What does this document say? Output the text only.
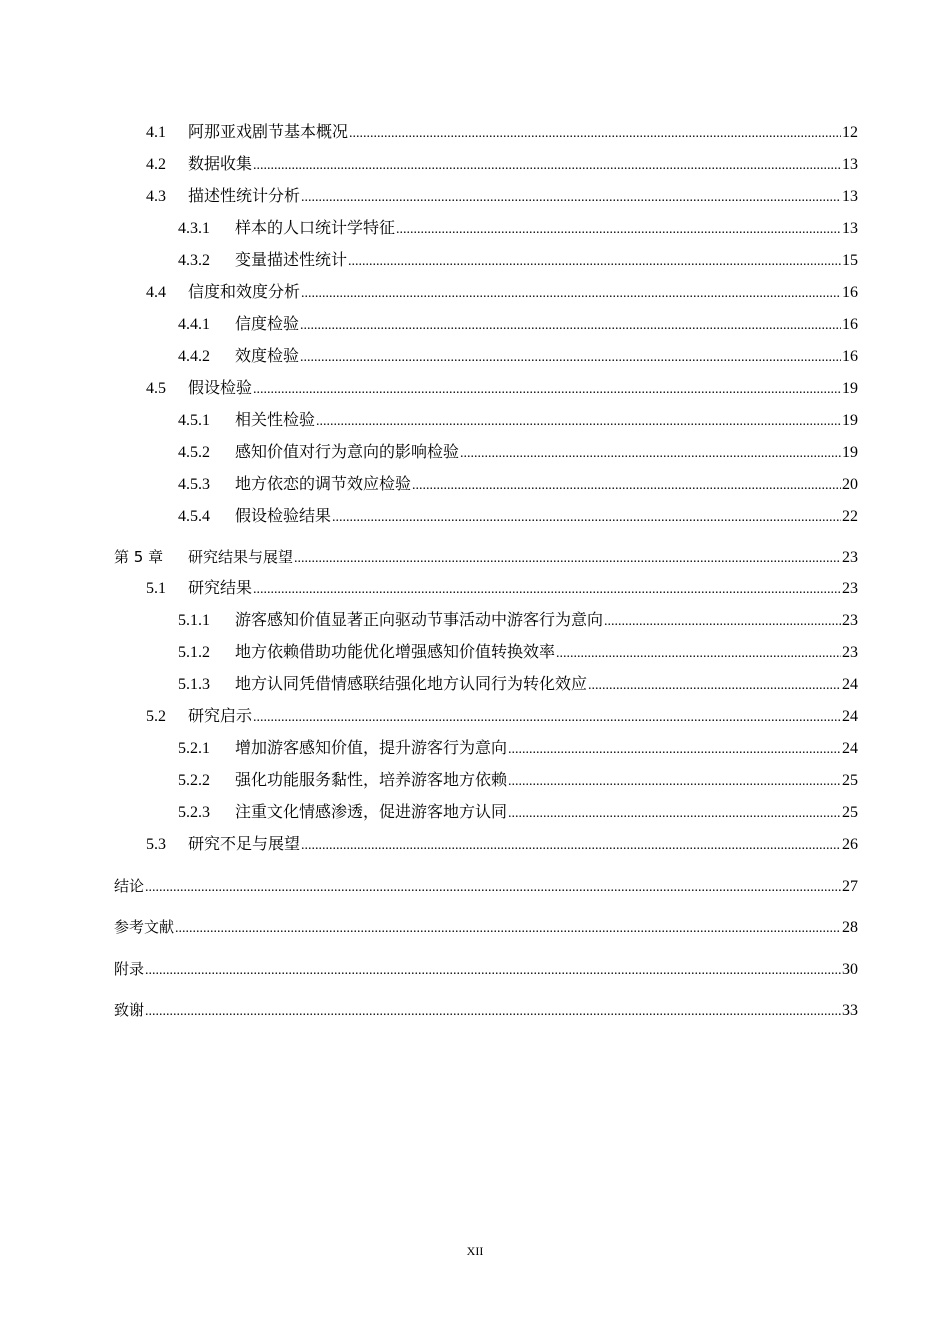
4.1	阿那亚戏剧节基本概况 .....	12
4.2	数据收集 .....	13
4.3	描述性统计分析 .....	13
4.3.1	样本的人口统计学特征 .....	13
4.3.2	变量描述性统计 .....	15
4.4	信度和效度分析 .....	16
4.4.1	信度检验 .....	16
4.4.2	效度检验 .....	16
4.5	假设检验 .....	19
4.5.1	相关性检验 .....	19
4.5.2	感知价值对行为意向的影响检验 .....	19
4.5.3	地方依恋的调节效应检验 .....	20
4.5.4	假设检验结果 .....	22
第 5 章	研究结果与展望 .....	23
5.1	研究结果 .....	23
5.1.1	游客感知价值显著正向驱动节事活动中游客行为意向 .....	23
5.1.2	地方依赖借助功能优化增强感知价值转换效率 .....	23
5.1.3	地方认同凭借情感联结强化地方认同行为转化效应 .....	24
5.2	研究启示 .....	24
5.2.1	增加游客感知价值，提升游客行为意向 .....	24
5.2.2	强化功能服务黏性，培养游客地方依赖 .....	25
5.2.3	注重文化情感渗透，促进游客地方认同 .....	25
5.3	研究不足与展望 .....	26
结论 .....	27
参考文献 .....	28
附录 .....	30
致谢 .....	33
XII
